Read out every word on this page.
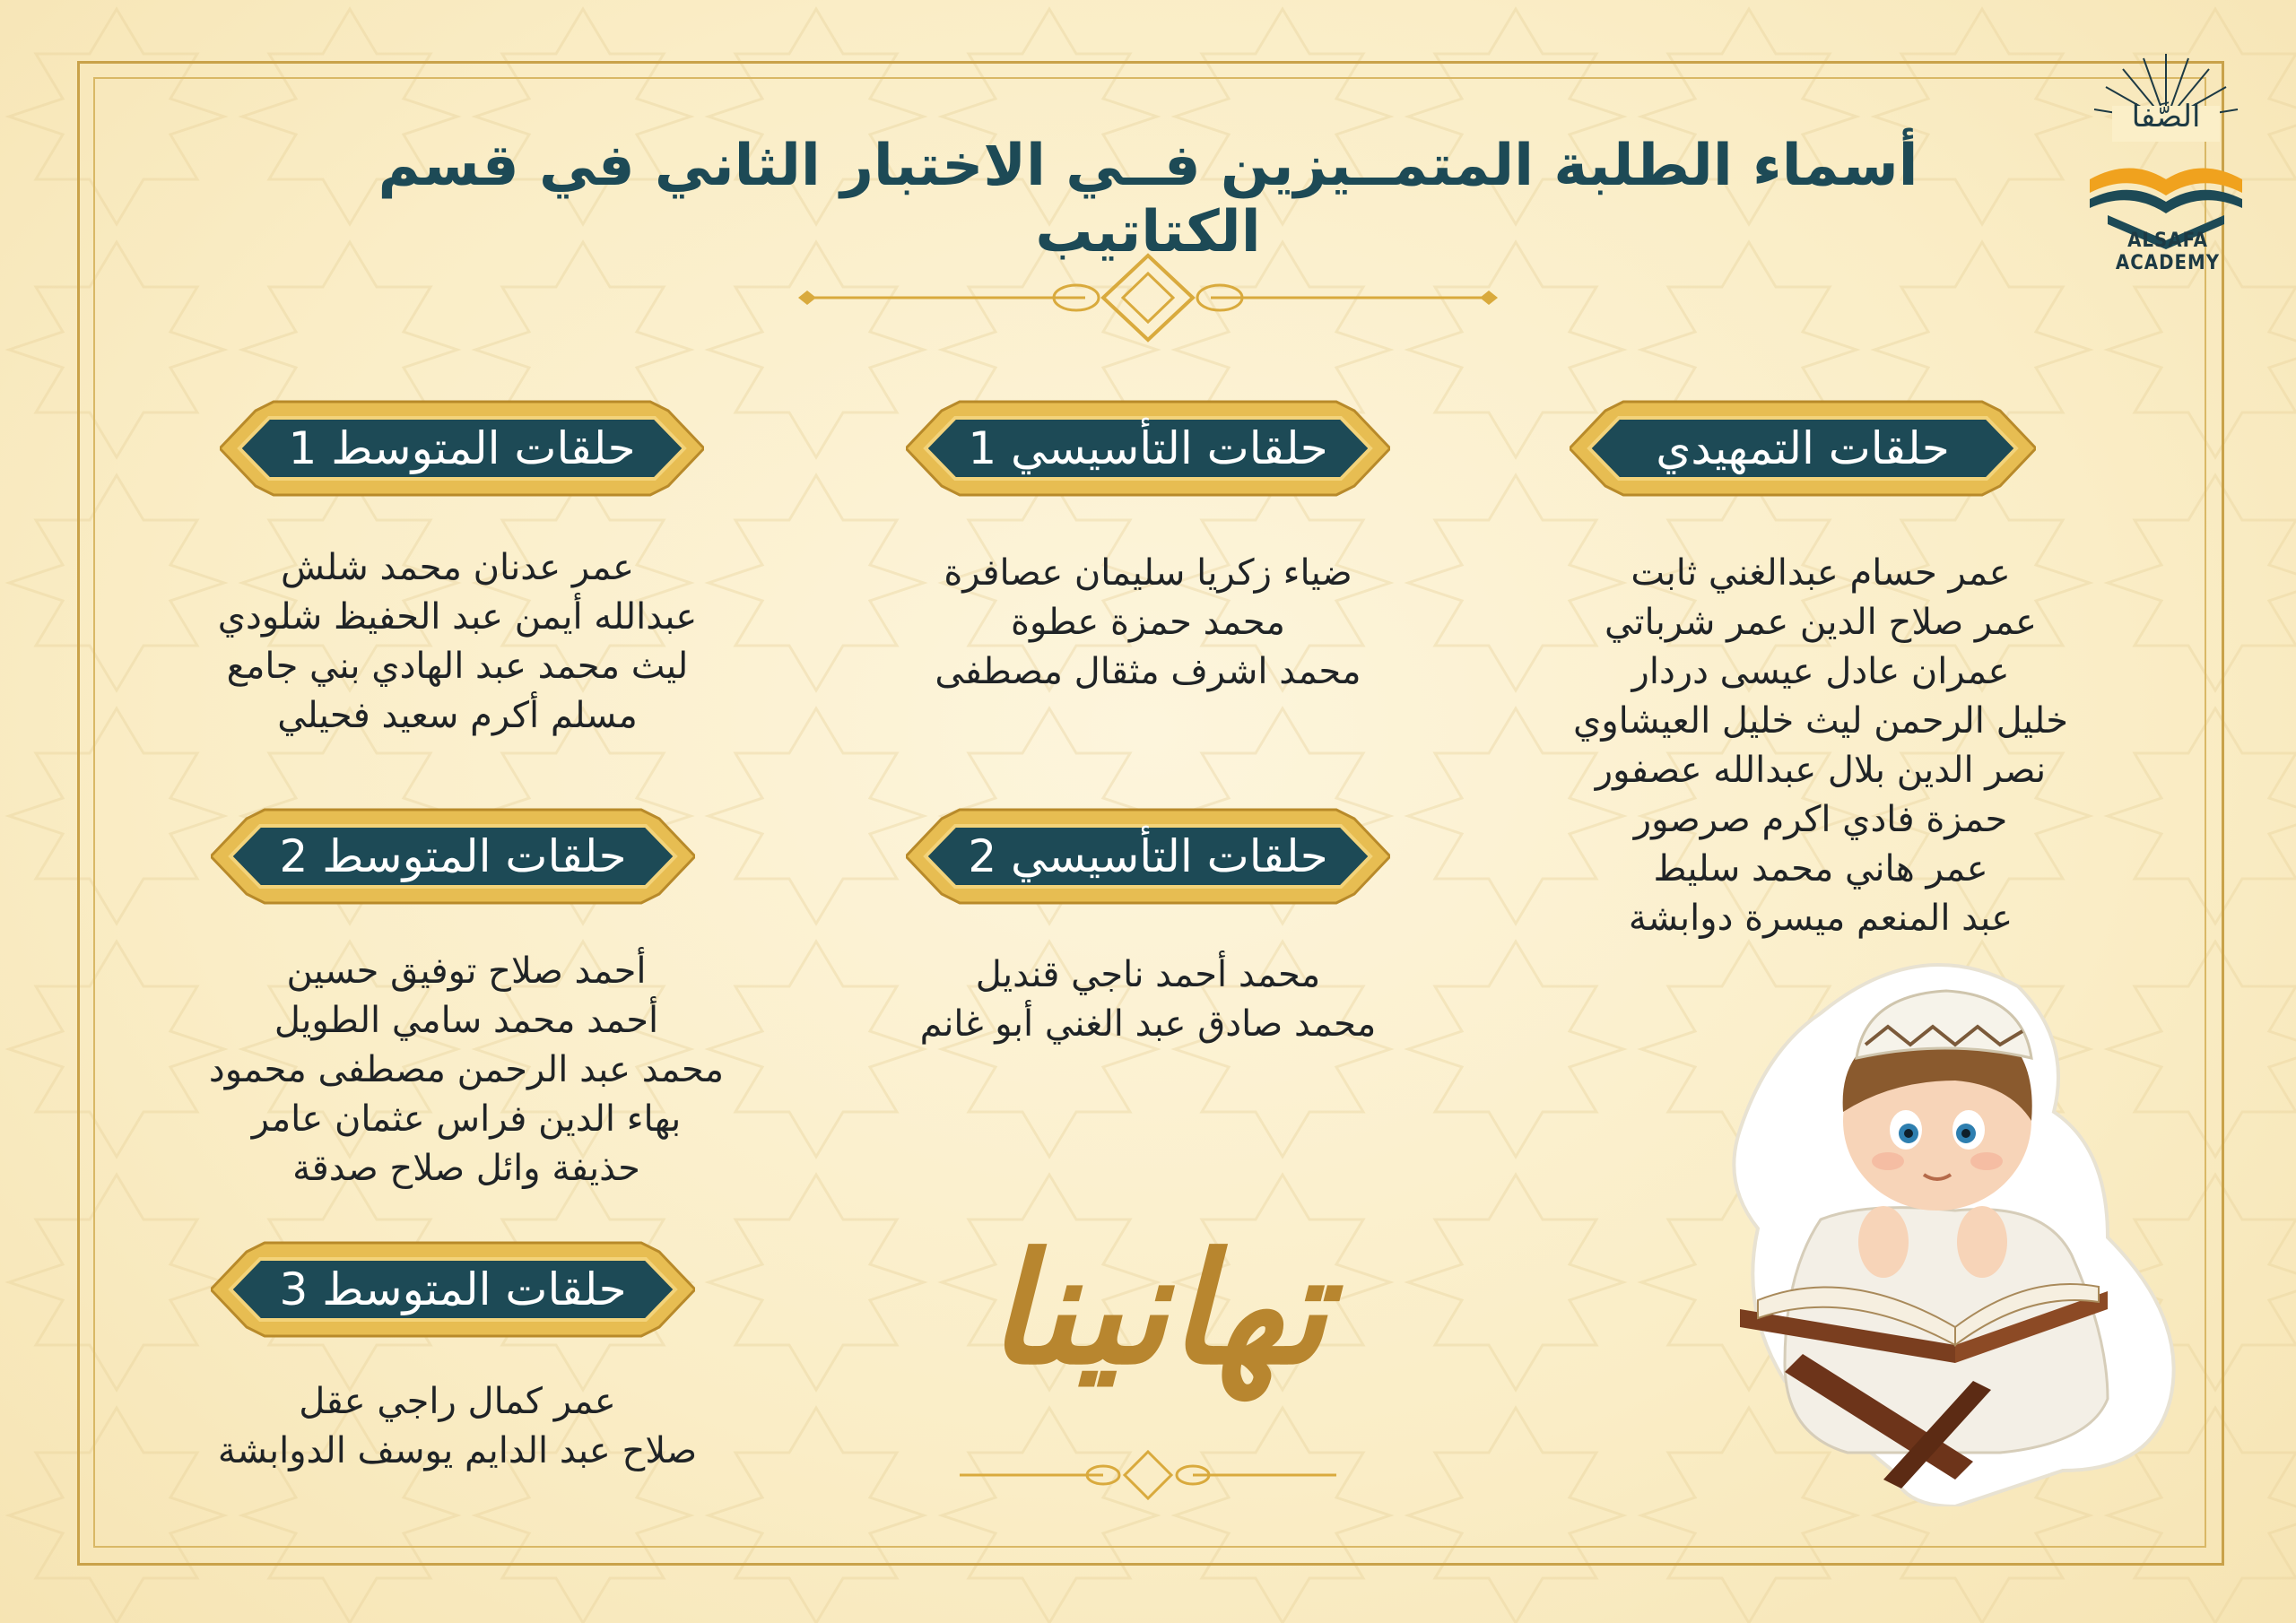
الصَّفا
ALSAFA ACADEMY
أسماء الطلبة المتمــيزين فــي الاختبار الثاني في قسم الكتاتيب
حلقات التمهيدي
حلقات التأسيسي 1
حلقات المتوسط 1
حلقات التأسيسي 2
حلقات المتوسط 2
حلقات المتوسط 3
عمر حسام عبدالغني ثابت
عمر صلاح الدين عمر شرباتي
عمران عادل عيسى دردار
خليل الرحمن ليث خليل العيشاوي
نصر الدين بلال عبدالله عصفور
حمزة فادي اكرم صرصور
عمر هاني محمد سليط
عبد المنعم ميسرة دوابشة
ضياء زكريا سليمان عصافرة
محمد حمزة عطوة
محمد اشرف مثقال مصطفى
محمد أحمد ناجي قنديل
محمد صادق عبد الغني أبو غانم
عمر عدنان محمد شلش
عبدالله أيمن عبد الحفيظ شلودي
ليث محمد عبد الهادي بني جامع
مسلم أكرم سعيد فحيلي
أحمد صلاح توفيق حسين
أحمد محمد سامي الطويل
محمد عبد الرحمن مصطفى محمود
بهاء الدين فراس عثمان عامر
حذيفة وائل صلاح صدقة
عمر كمال راجي عقل
صلاح عبد الدايم يوسف الدوابشة
تهانينا
